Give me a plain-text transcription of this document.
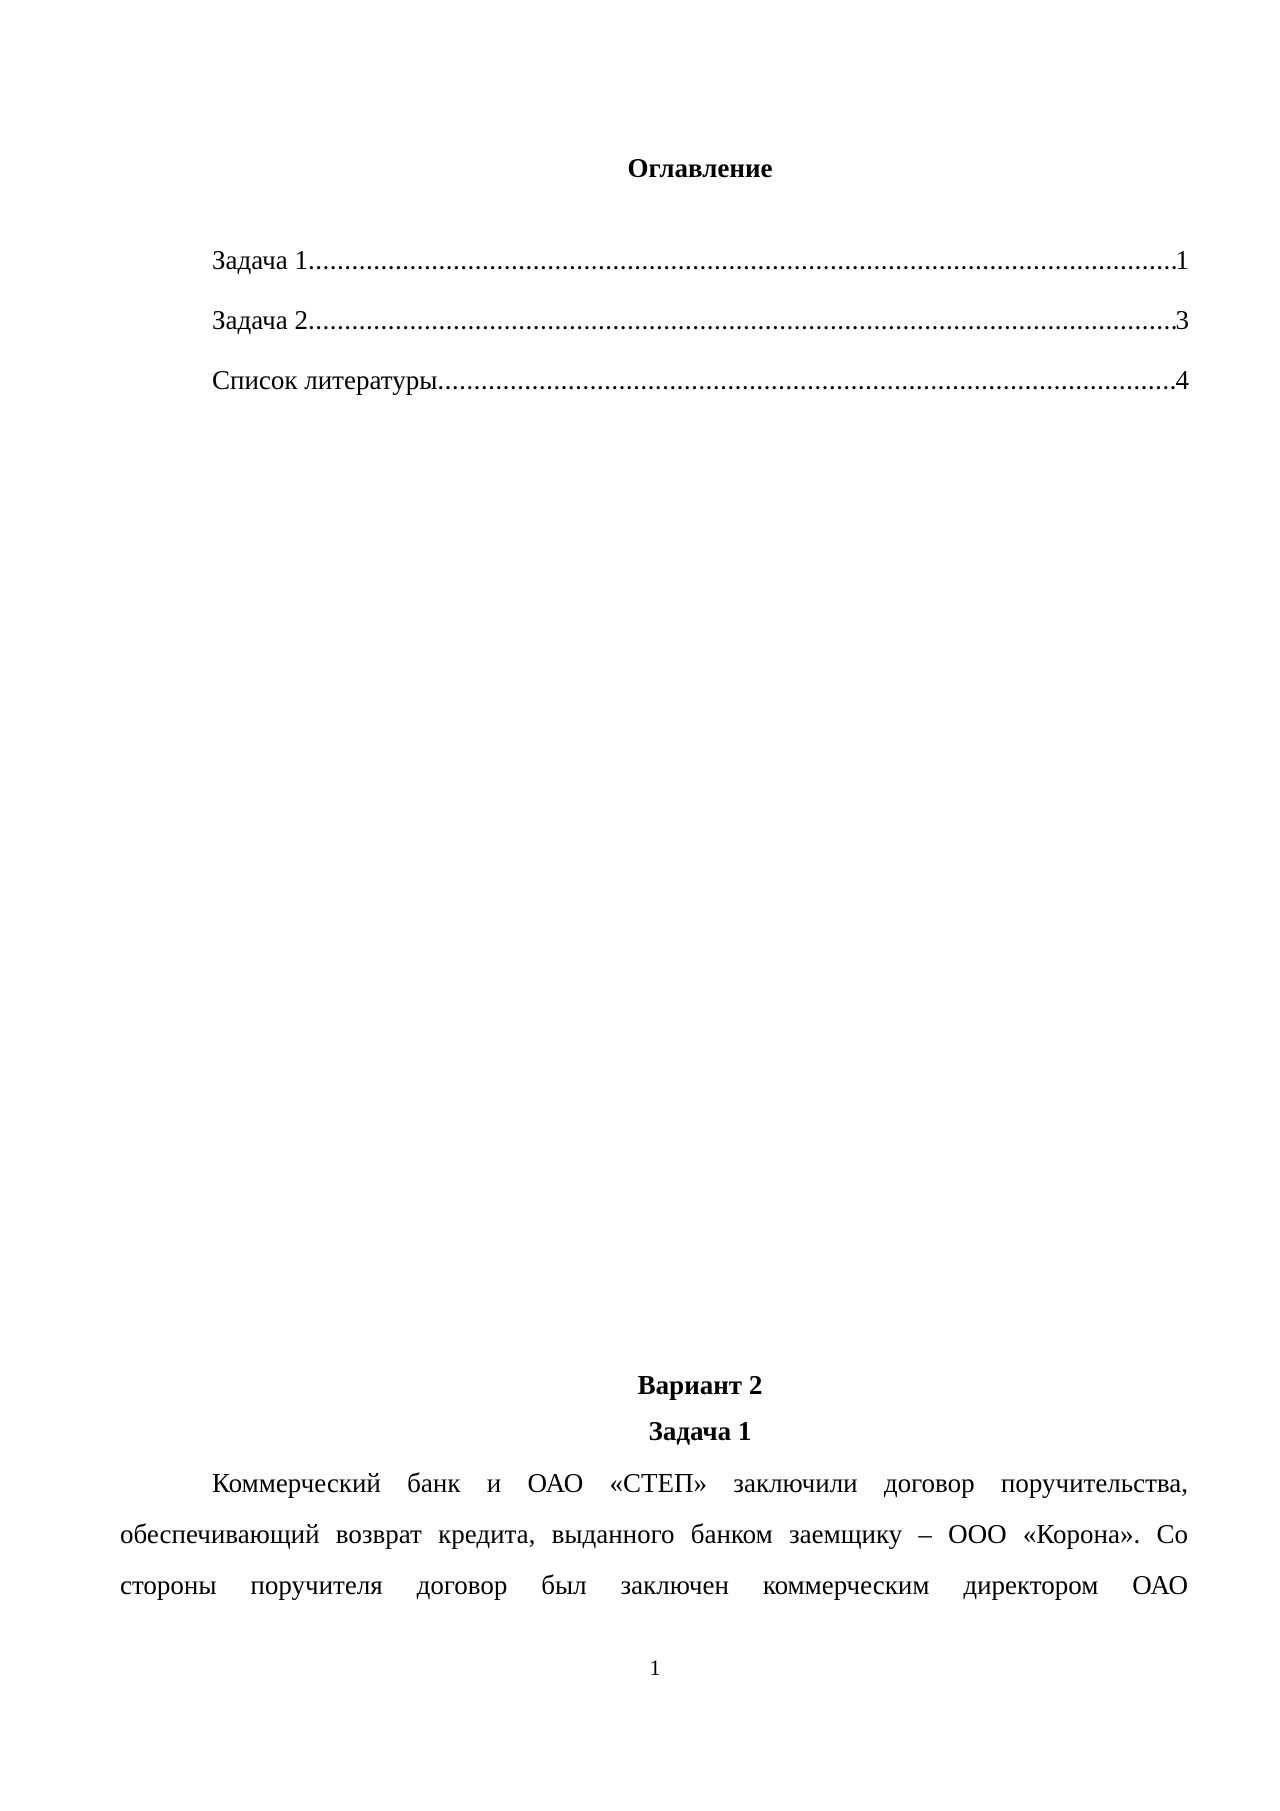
Оглавление
Задача 1 .....	1
Задача 2 .....	3
Список литературы .....	4
Вариант 2
Задача 1

Коммерческий банк и ОАО «СТЕП» заключили договор поручительства, обеспечивающий возврат кредита, выданного банком заемщику – ООО «Корона». Со стороны поручителя договор был заключен коммерческим директором ОАО

1
